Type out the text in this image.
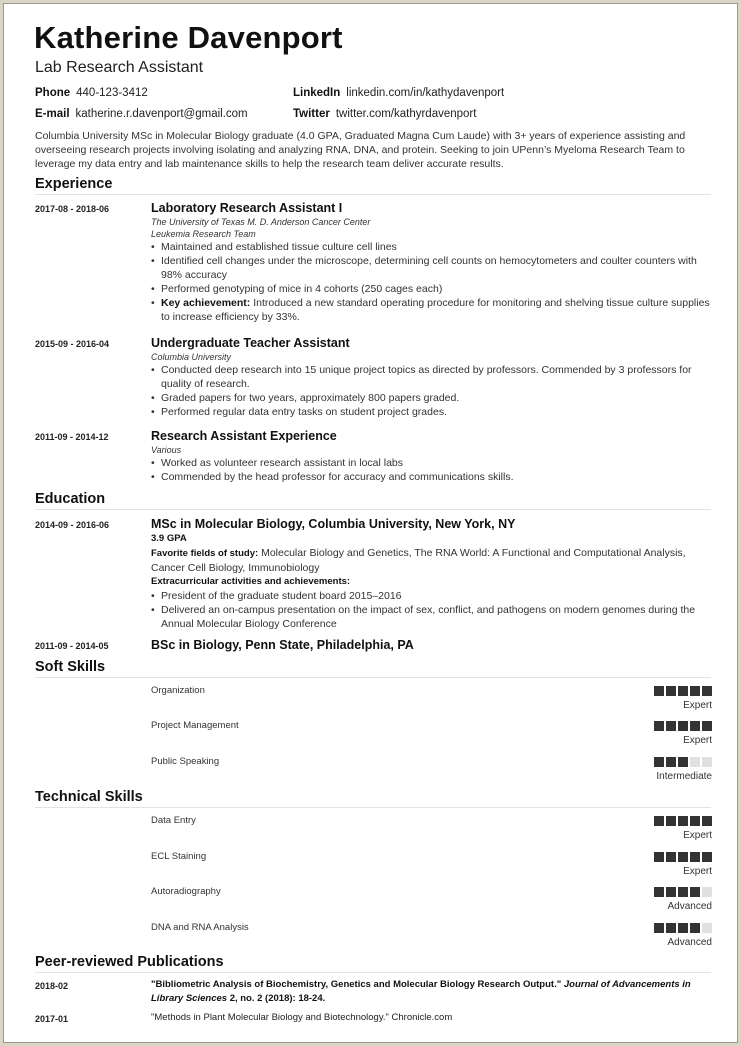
Katherine Davenport
Lab Research Assistant
Phone 440-123-3412	LinkedIn linkedin.com/in/kathydavenport
E-mail katherine.r.davenport@gmail.com	Twitter twitter.com/kathyrdavenport
Columbia University MSc in Molecular Biology graduate (4.0 GPA, Graduated Magna Cum Laude) with 3+ years of experience assisting and overseeing research projects involving isolating and analyzing RNA, DNA, and protein. Seeking to join UPenn’s Myeloma Research Team to leverage my data entry and lab maintenance skills to help the research team deliver accurate results.
Experience
2017-08 - 2018-06	Laboratory Research Assistant I
The University of Texas M. D. Anderson Cancer Center
Leukemia Research Team
• Maintained and established tissue culture cell lines
• Identified cell changes under the microscope, determining cell counts on hemocytometers and coulter counters with 98% accuracy
• Performed genotyping of mice in 4 cohorts (250 cages each)
• Key achievement: Introduced a new standard operating procedure for monitoring and shelving tissue culture supplies to increase efficiency by 33%.
2015-09 - 2016-04	Undergraduate Teacher Assistant
Columbia University
• Conducted deep research into 15 unique project topics as directed by professors. Commended by 3 professors for quality of research.
• Graded papers for two years, approximately 800 papers graded.
• Performed regular data entry tasks on student project grades.
2011-09 - 2014-12	Research Assistant Experience
Various
• Worked as volunteer research assistant in local labs
• Commended by the head professor for accuracy and communications skills.
Education
2014-09 - 2016-06	MSc in Molecular Biology, Columbia University, New York, NY
3.9 GPA
Favorite fields of study: Molecular Biology and Genetics, The RNA World: A Functional and Computational Analysis, Cancer Cell Biology, Immunobiology
Extracurricular activities and achievements:
• President of the graduate student board 2015–2016
• Delivered an on-campus presentation on the impact of sex, conflict, and pathogens on modern genomes during the Annual Molecular Biology Conference
2011-09 - 2014-05	BSc in Biology, Penn State, Philadelphia, PA
Soft Skills
Organization
Expert
Project Management
Expert
Public Speaking
Intermediate
Technical Skills
Data Entry
Expert
ECL Staining
Expert
Autoradiography
Advanced
DNA and RNA Analysis
Advanced
Peer-reviewed Publications
2018-02	"Bibliometric Analysis of Biochemistry, Genetics and Molecular Biology Research Output." Journal of Advancements in Library Sciences 2, no. 2 (2018): 18-24.
2017-01	"Methods in Plant Molecular Biology and Biotechnology." Chronicle.com
